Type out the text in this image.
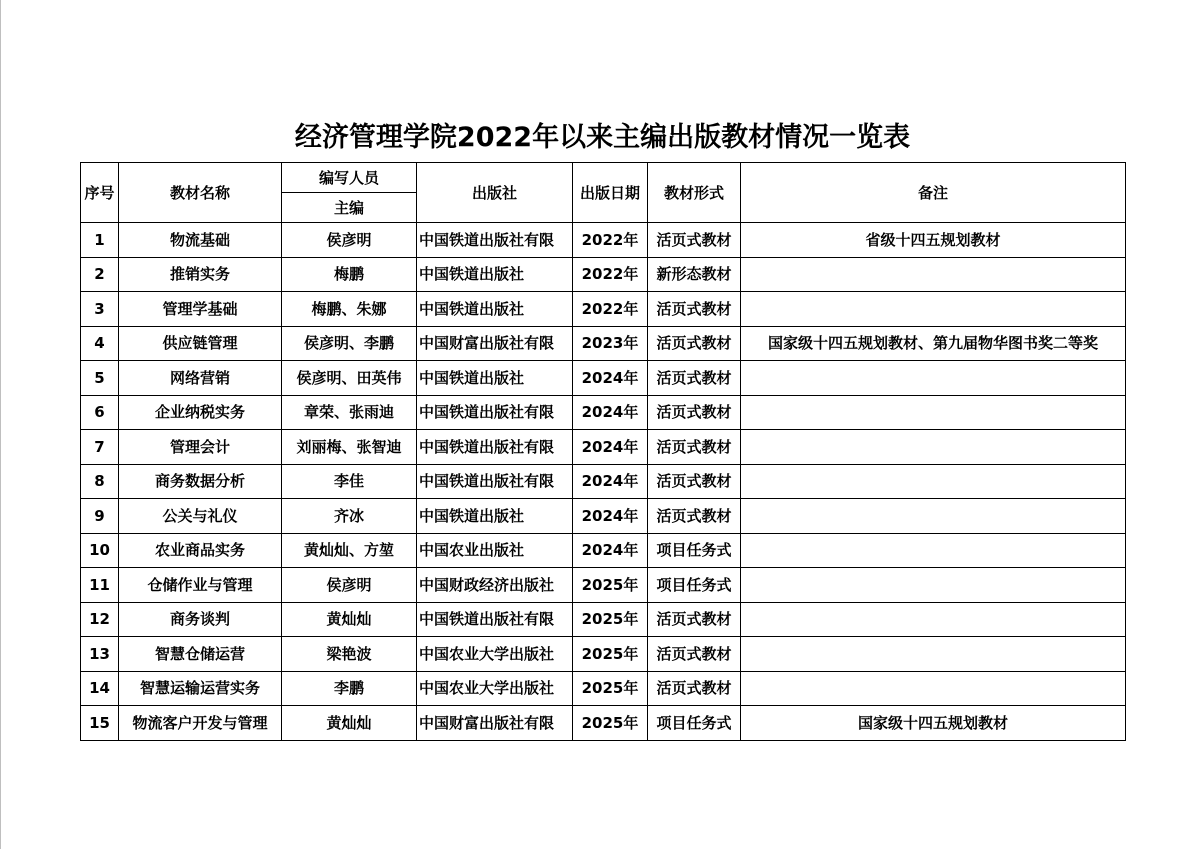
经济管理学院2022年以来主编出版教材情况一览表
序号	教材名称	编写人员	出版社	出版日期	教材形式	备注
		主编				
1	物流基础	侯彦明	中国铁道出版社有限	2022年	活页式教材	省级十四五规划教材
2	推销实务	梅鹏	中国铁道出版社	2022年	新形态教材	
3	管理学基础	梅鹏、朱娜	中国铁道出版社	2022年	活页式教材	
4	供应链管理	侯彦明、李鹏	中国财富出版社有限	2023年	活页式教材	国家级十四五规划教材、第九届物华图书奖二等奖
5	网络营销	侯彦明、田英伟	中国铁道出版社	2024年	活页式教材	
6	企业纳税实务	章荣、张雨迪	中国铁道出版社有限	2024年	活页式教材	
7	管理会计	刘丽梅、张智迪	中国铁道出版社有限	2024年	活页式教材	
8	商务数据分析	李佳	中国铁道出版社有限	2024年	活页式教材	
9	公关与礼仪	齐冰	中国铁道出版社	2024年	活页式教材	
10	农业商品实务	黄灿灿、方堃	中国农业出版社	2024年	项目任务式	
11	仓储作业与管理	侯彦明	中国财政经济出版社	2025年	项目任务式	
12	商务谈判	黄灿灿	中国铁道出版社有限	2025年	活页式教材	
13	智慧仓储运营	梁艳波	中国农业大学出版社	2025年	活页式教材	
14	智慧运输运营实务	李鹏	中国农业大学出版社	2025年	活页式教材	
15	物流客户开发与管理	黄灿灿	中国财富出版社有限	2025年	项目任务式	国家级十四五规划教材
